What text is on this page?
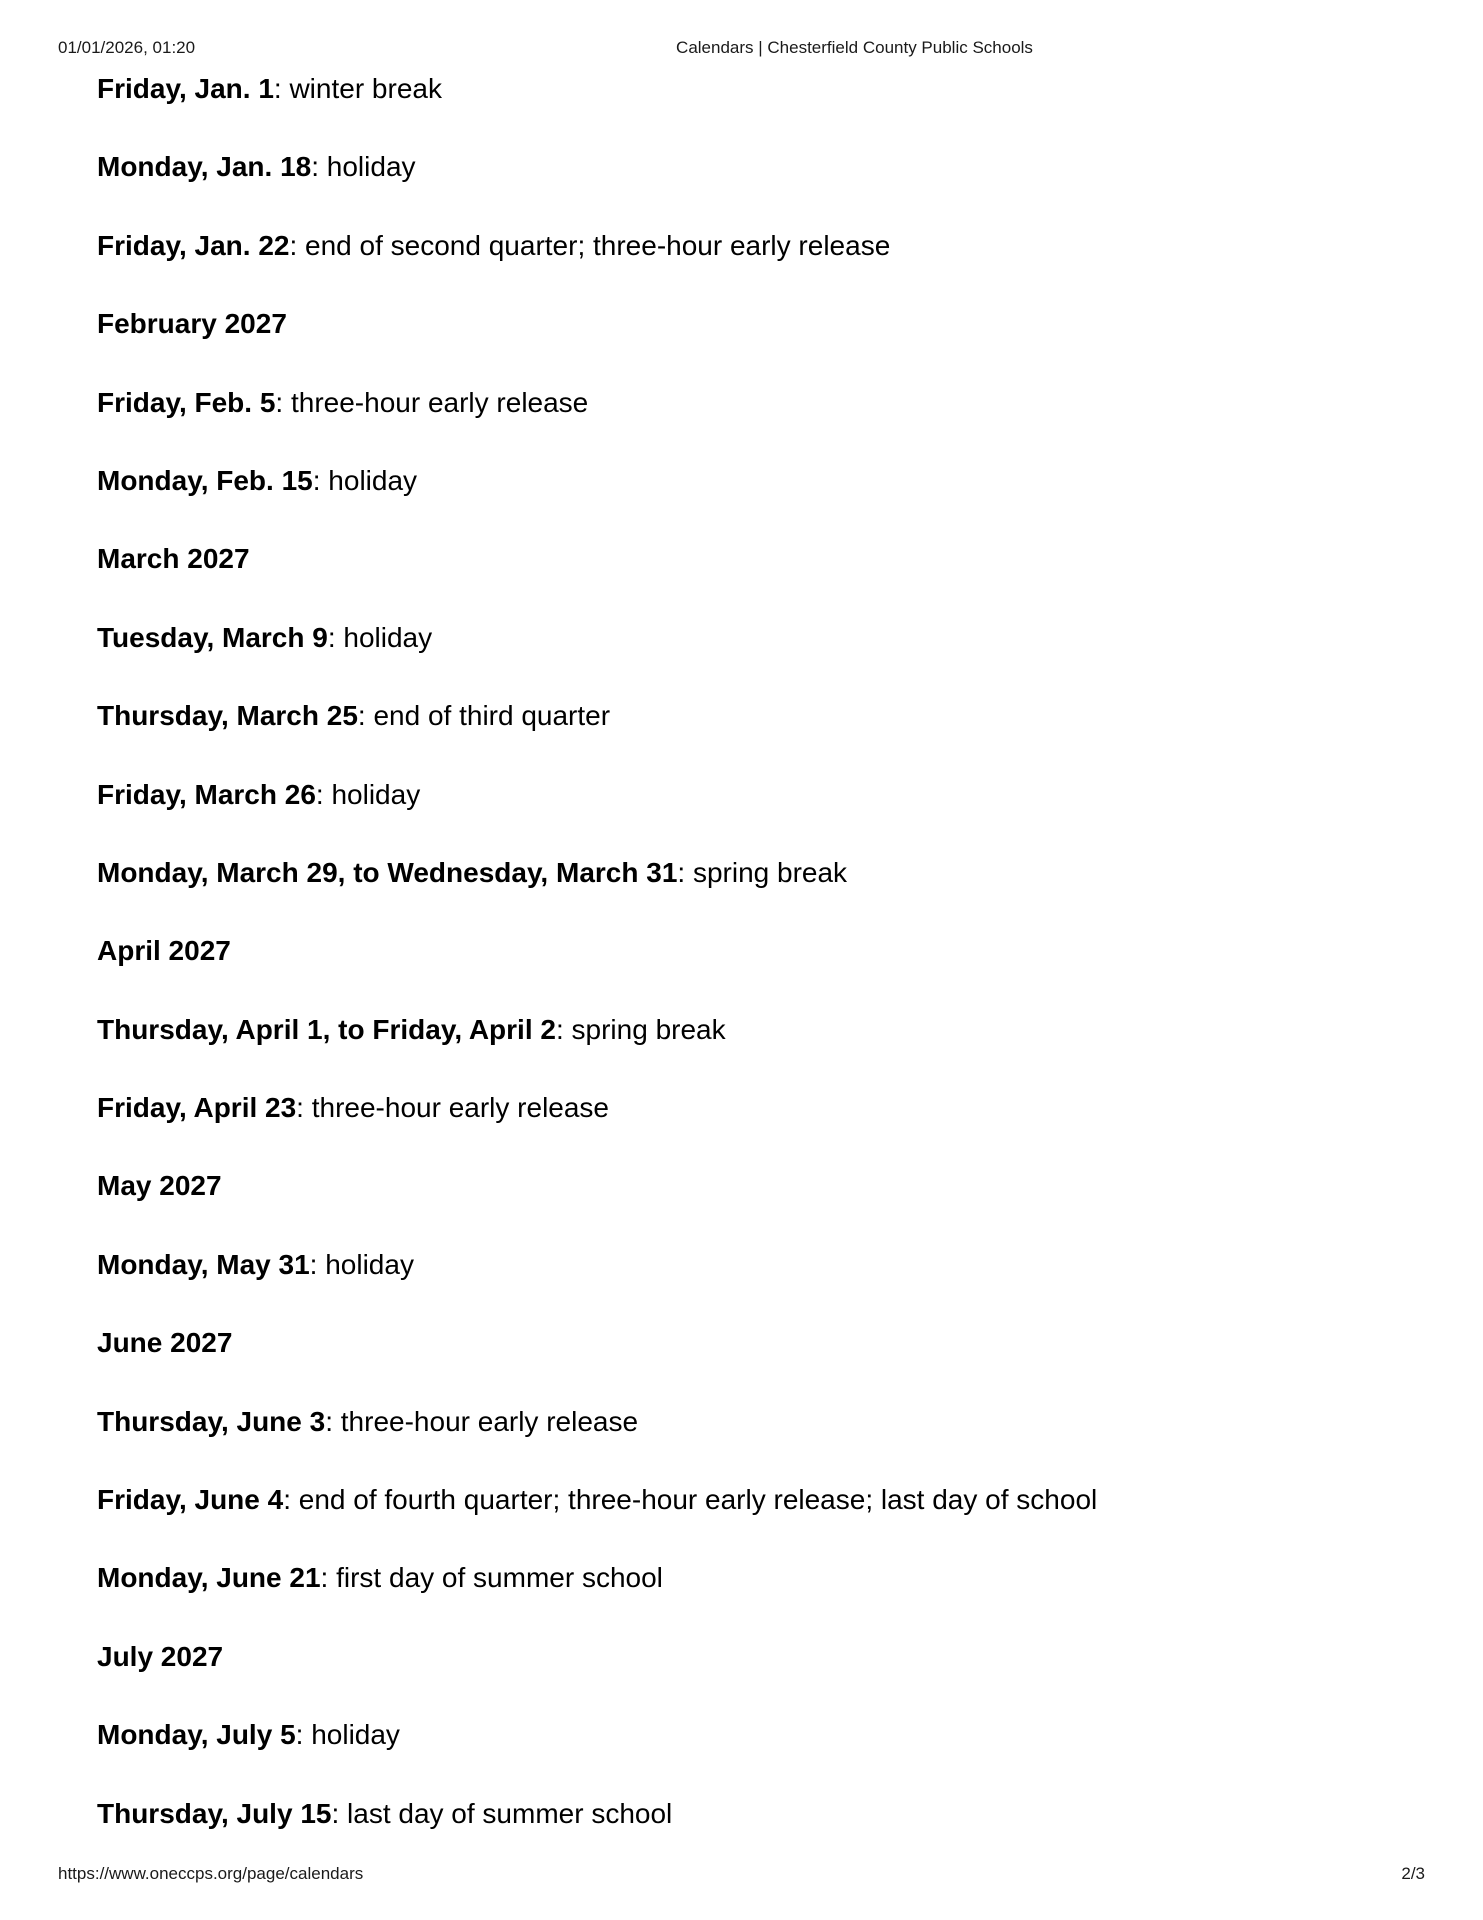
01/01/2026, 01:20	Calendars | Chesterfield County Public Schools
Friday, Jan. 1: winter break
Monday, Jan. 18: holiday
Friday, Jan. 22: end of second quarter; three-hour early release
February 2027
Friday, Feb. 5: three-hour early release
Monday, Feb. 15: holiday
March 2027
Tuesday, March 9: holiday
Thursday, March 25: end of third quarter
Friday, March 26: holiday
Monday, March 29, to Wednesday, March 31: spring break
April 2027
Thursday, April 1, to Friday, April 2: spring break
Friday, April 23: three-hour early release
May 2027
Monday, May 31: holiday
June 2027
Thursday, June 3: three-hour early release
Friday, June 4: end of fourth quarter; three-hour early release; last day of school
Monday, June 21: first day of summer school
July 2027
Monday, July 5: holiday
Thursday, July 15: last day of summer school
https://www.oneccps.org/page/calendars	2/3
